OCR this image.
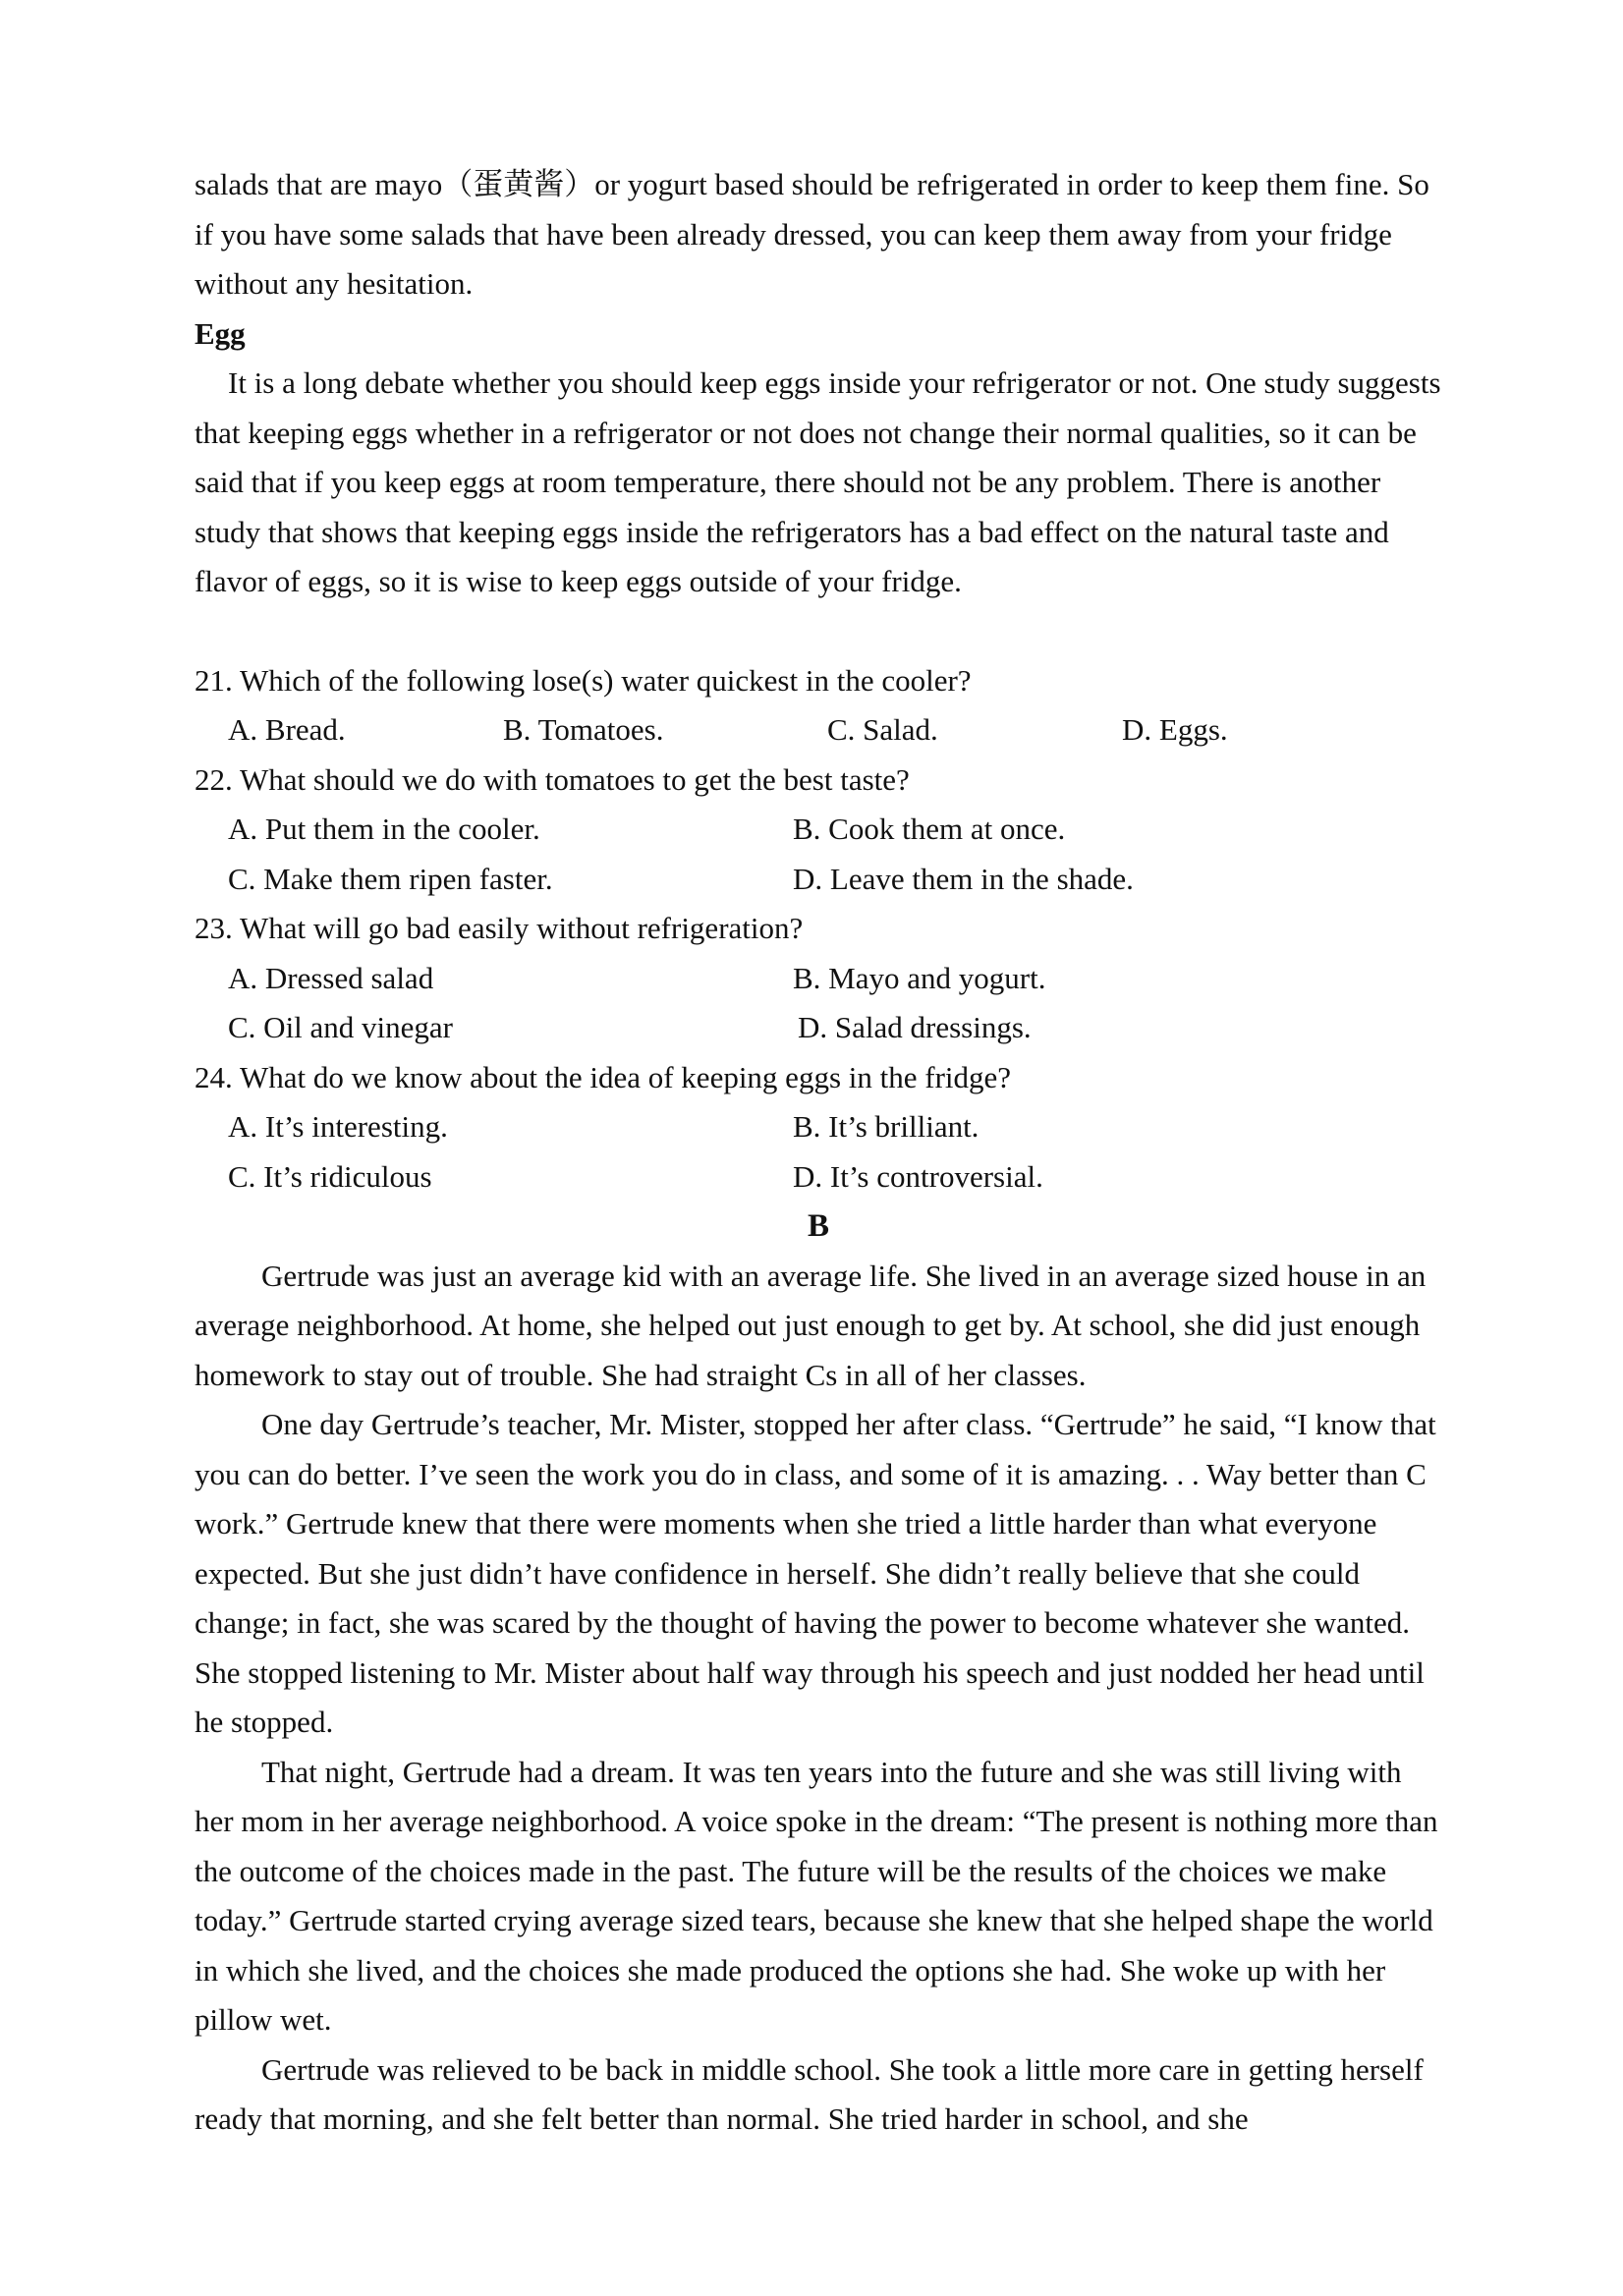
salads that are mayo（蛋黄酱）or yogurt based should be refrigerated in order to keep them fine. So if you have some salads that have been already dressed, you can keep them away from your fridge without any hesitation.

Egg

It is a long debate whether you should keep eggs inside your refrigerator or not. One study suggests that keeping eggs whether in a refrigerator or not does not change their normal qualities, so it can be said that if you keep eggs at room temperature, there should not be any problem. There is another study that shows that keeping eggs inside the refrigerators has a bad effect on the natural taste and flavor of eggs, so it is wise to keep eggs outside of your fridge.

21. Which of the following lose(s) water quickest in the cooler?

A. Bread.	B. Tomatoes.	C. Salad.	D. Eggs.

22. What should we do with tomatoes to get the best taste?

A. Put them in the cooler.	B. Cook them at once.
C. Make them ripen faster.	D. Leave them in the shade.

23. What will go bad easily without refrigeration?

A. Dressed salad	B. Mayo and yogurt.
C. Oil and vinegar	D. Salad dressings.

24. What do we know about the idea of keeping eggs in the fridge?

A. It’s interesting.	B. It’s brilliant.
C. It’s ridiculous	D. It’s controversial.
B

Gertrude was just an average kid with an average life. She lived in an average sized house in an average neighborhood. At home, she helped out just enough to get by. At school, she did just enough homework to stay out of trouble. She had straight Cs in all of her classes.

One day Gertrude’s teacher, Mr. Mister, stopped her after class. “Gertrude” he said, “I know that you can do better. I’ve seen the work you do in class, and some of it is amazing. . . Way better than C work.” Gertrude knew that there were moments when she tried a little harder than what everyone expected. But she just didn’t have confidence in herself. She didn’t really believe that she could change; in fact, she was scared by the thought of having the power to become whatever she wanted. She stopped listening to Mr. Mister about half way through his speech and just nodded her head until he stopped.

That night, Gertrude had a dream. It was ten years into the future and she was still living with her mom in her average neighborhood. A voice spoke in the dream: “The present is nothing more than the outcome of the choices made in the past. The future will be the results of the choices we make today.” Gertrude started crying average sized tears, because she knew that she helped shape the world in which she lived, and the choices she made produced the options she had. She woke up with her pillow wet.

Gertrude was relieved to be back in middle school. She took a little more care in getting herself ready that morning, and she felt better than normal. She tried harder in school, and she
